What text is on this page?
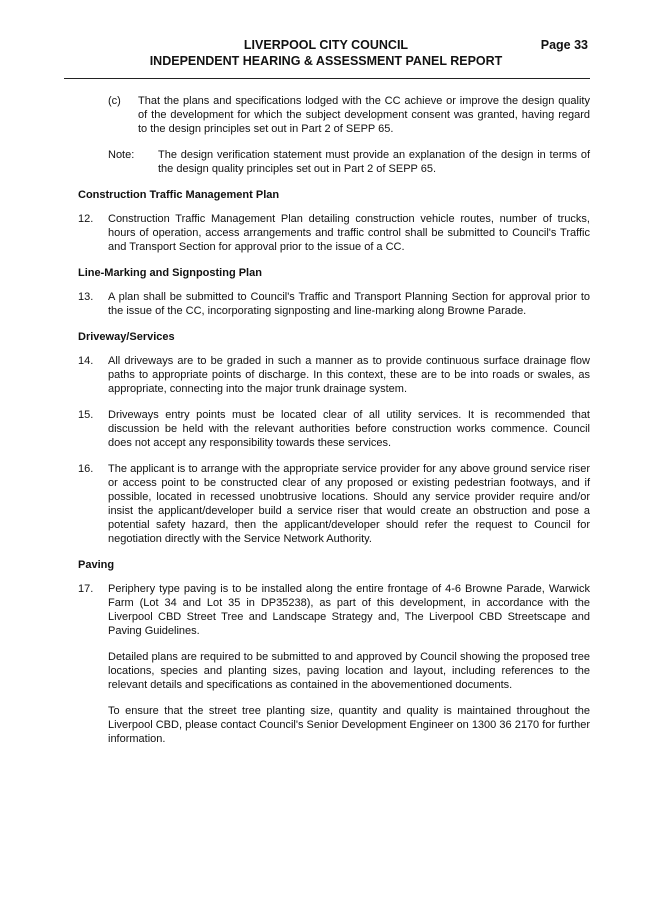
LIVERPOOL CITY COUNCIL
INDEPENDENT HEARING & ASSESSMENT PANEL REPORT
Page 33
(c) That the plans and specifications lodged with the CC achieve or improve the design quality of the development for which the subject development consent was granted, having regard to the design principles set out in Part 2 of SEPP 65.
Note: The design verification statement must provide an explanation of the design in terms of the design quality principles set out in Part 2 of SEPP 65.
Construction Traffic Management Plan
12.	Construction Traffic Management Plan detailing construction vehicle routes, number of trucks, hours of operation, access arrangements and traffic control shall be submitted to Council's Traffic and Transport Section for approval prior to the issue of a CC.
Line-Marking and Signposting Plan
13.	A plan shall be submitted to Council's Traffic and Transport Planning Section for approval prior to the issue of the CC, incorporating signposting and line-marking along Browne Parade.
Driveway/Services
14.	All driveways are to be graded in such a manner as to provide continuous surface drainage flow paths to appropriate points of discharge. In this context, these are to be into roads or swales, as appropriate, connecting into the major trunk drainage system.
15.	Driveways entry points must be located clear of all utility services. It is recommended that discussion be held with the relevant authorities before construction works commence. Council does not accept any responsibility towards these services.
16.	The applicant is to arrange with the appropriate service provider for any above ground service riser or access point to be constructed clear of any proposed or existing pedestrian footways, and if possible, located in recessed unobtrusive locations. Should any service provider require and/or insist the applicant/developer build a service riser that would create an obstruction and pose a potential safety hazard, then the applicant/developer should refer the request to Council for negotiation directly with the Service Network Authority.
Paving
17.	Periphery type paving is to be installed along the entire frontage of 4-6 Browne Parade, Warwick Farm (Lot 34 and Lot 35 in DP35238), as part of this development, in accordance with the Liverpool CBD Street Tree and Landscape Strategy and, The Liverpool CBD Streetscape and Paving Guidelines.
Detailed plans are required to be submitted to and approved by Council showing the proposed tree locations, species and planting sizes, paving location and layout, including references to the relevant details and specifications as contained in the abovementioned documents.
To ensure that the street tree planting size, quantity and quality is maintained throughout the Liverpool CBD, please contact Council's Senior Development Engineer on 1300 36 2170 for further information.
